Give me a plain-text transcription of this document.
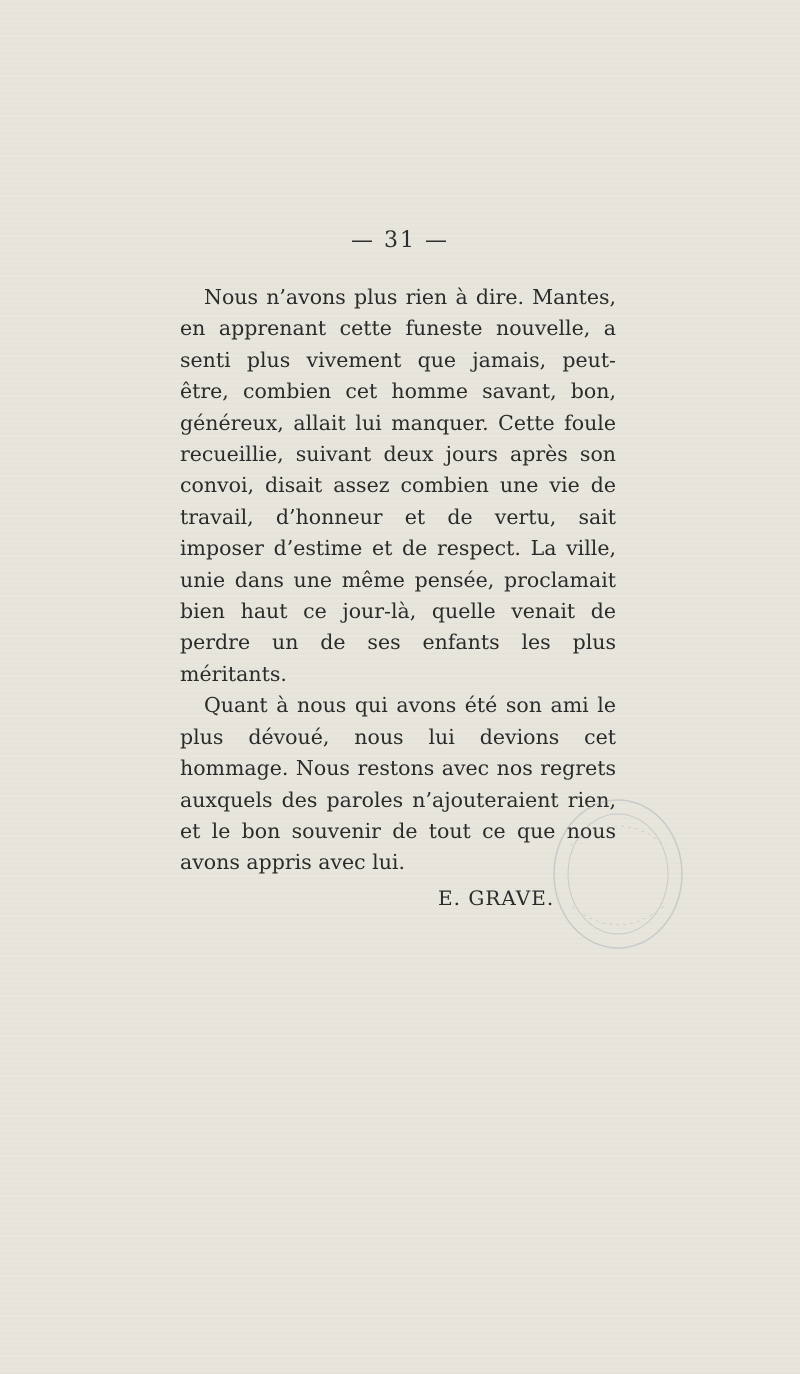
— 31 —

Nous n’avons plus rien à dire. Mantes, en apprenant cette funeste nouvelle, a senti plus vivement que jamais, peut-être, combien cet homme savant, bon, généreux, allait lui manquer. Cette foule recueillie, suivant deux jours après son convoi, disait assez combien une vie de travail, d’honneur et de vertu, sait imposer d’estime et de respect. La ville, unie dans une même pensée, proclamait bien haut ce jour-là, quelle venait de perdre un de ses enfants les plus méritants.

Quant à nous qui avons été son ami le plus dévoué, nous lui devions cet hommage. Nous restons avec nos regrets auxquels des paroles n’ajouteraient rien, et le bon souvenir de tout ce que nous avons appris avec lui.

E. GRAVE.
